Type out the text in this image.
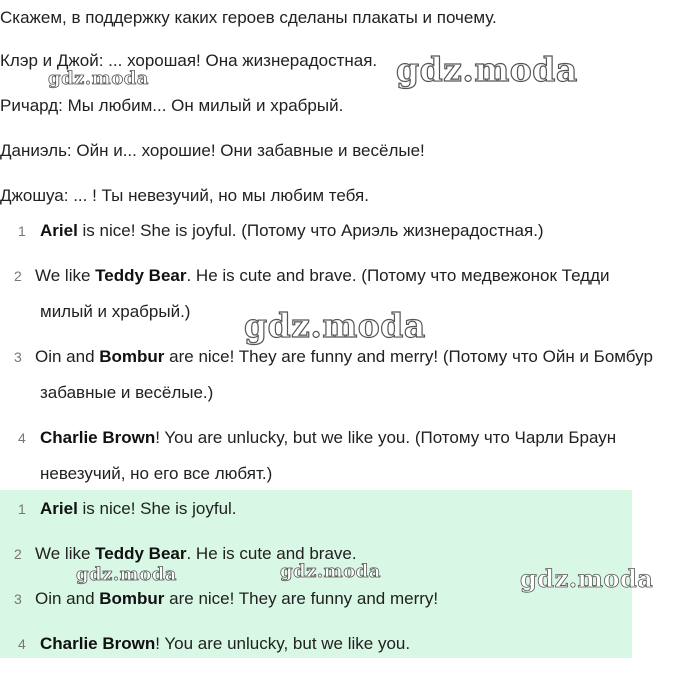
Скажем, в поддержку каких героев сделаны плакаты и почему.
Клэр и Джой: ... хорошая! Она жизнерадостная.
Ричард: Мы любим... Он милый и храбрый.
Даниэль: Ойн и... хорошие! Они забавные и весёлые!
Джошуа: ... ! Ты невезучий, но мы любим тебя.
1 Ariel is nice! She is joyful. (Потому что Ариэль жизнерадостная.)
2 We like Teddy Bear. He is cute and brave. (Потому что медвежонок Тедди
милый и храбрый.)
3 Oin and Bombur are nice! They are funny and merry! (Потому что Ойн и Бомбур
забавные и весёлые.)
4 Charlie Brown! You are unlucky, but we like you. (Потому что Чарли Браун
невезучий, но его все любят.)
1 Ariel is nice! She is joyful.
2 We like Teddy Bear. He is cute and brave.
3 Oin and Bombur are nice! They are funny and merry!
4 Charlie Brown! You are unlucky, but we like you.
gdz.moda
gdz.moda
gdz.moda
gdz.moda	gdz.moda	gdz.moda
